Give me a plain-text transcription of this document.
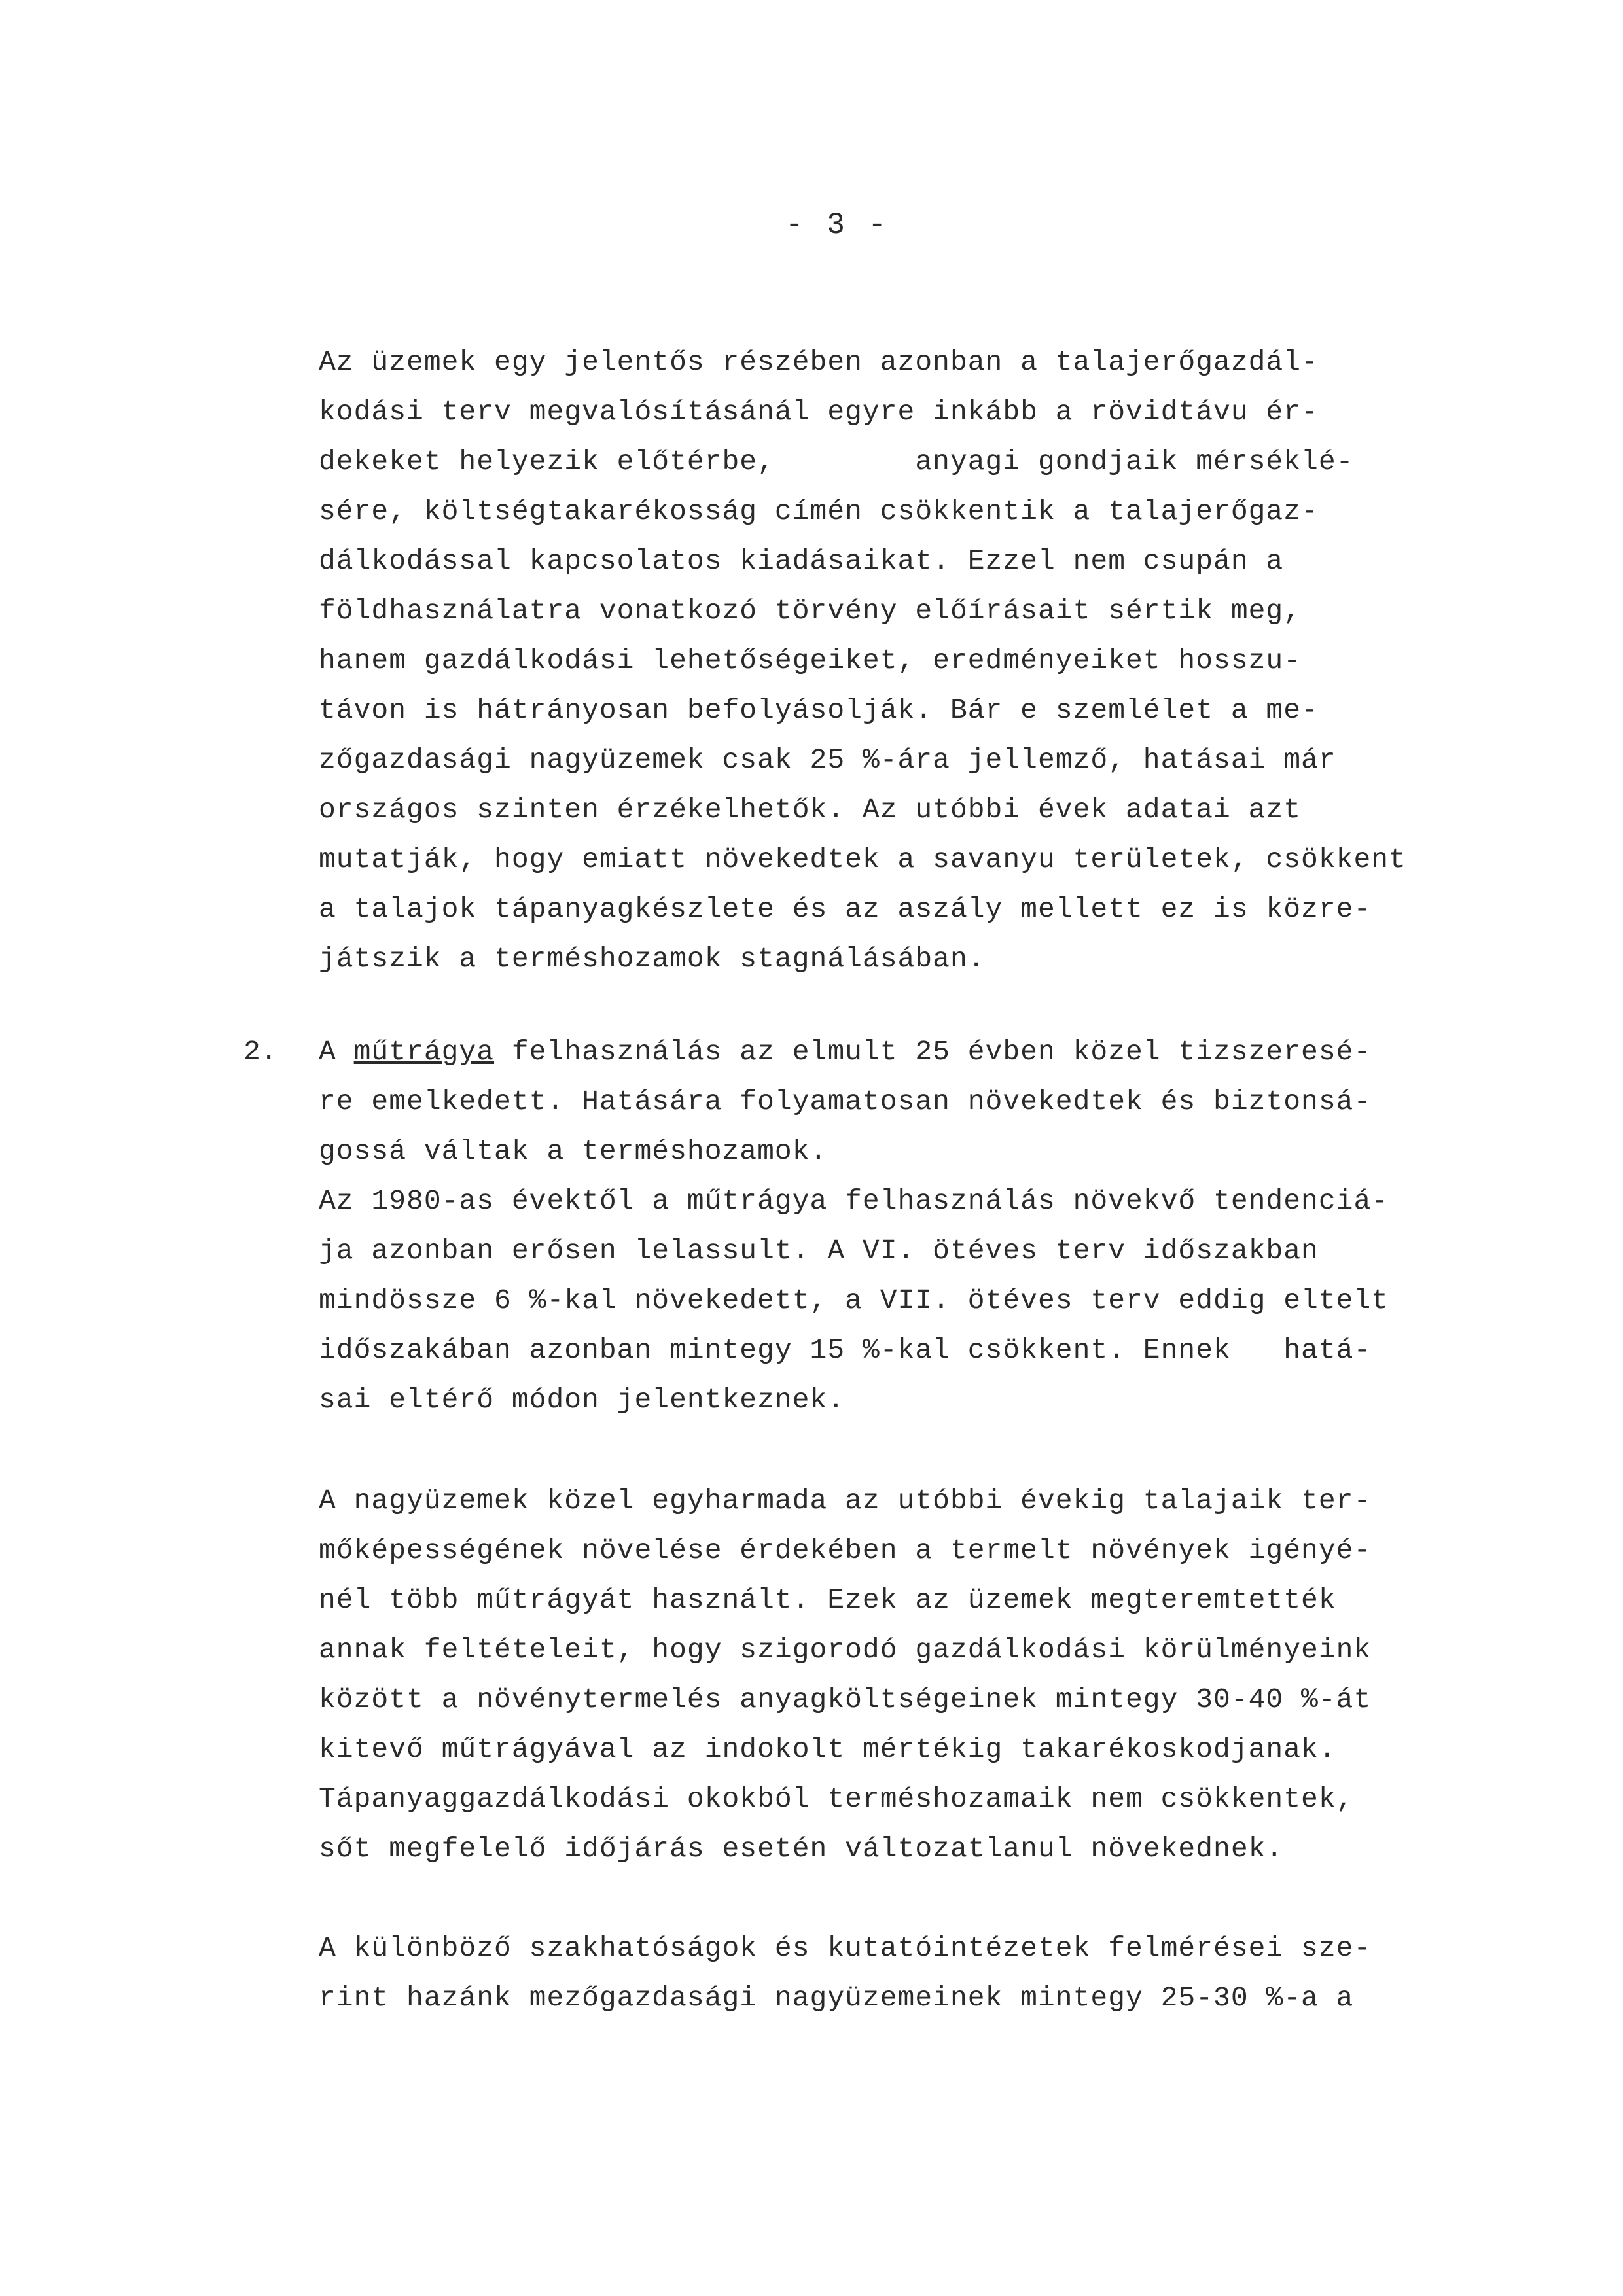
- 3 -
Az üzemek egy jelentős részében azonban a talajerőgazdál-
kodási terv megvalósításánál egyre inkább a rövidtávu ér-
dekeket helyezik előtérbe,        anyagi gondjaik mérséklé-
sére, költségtakarékosság címén csökkentik a talajerőgaz-
dálkodással kapcsolatos kiadásaikat. Ezzel nem csupán a
földhasználatra vonatkozó törvény előírásait sértik meg,
hanem gazdálkodási lehetőségeiket, eredményeiket hosszu-
távon is hátrányosan befolyásolják. Bár e szemlélet a me-
zőgazdasági nagyüzemek csak 25 %-ára jellemző, hatásai már
országos szinten érzékelhetők. Az utóbbi évek adatai azt
mutatják, hogy emiatt növekedtek a savanyu területek, csökkent
a talajok tápanyagkészlete és az aszály mellett ez is közre-
játszik a terméshozamok stagnálásában.
2. A műtrágya felhasználás az elmult 25 évben közel tizszeresé-
re emelkedett. Hatására folyamatosan növekedtek és biztonsá-
gossá váltak a terméshozamok.
Az 1980-as évektől a műtrágya felhasználás növekvő tendenciá-
ja azonban erősen lelassult. A VI. ötéves terv időszakban
mindössze 6 %-kal növekedett, a VII. ötéves terv eddig eltelt
időszakában azonban mintegy 15 %-kal csökkent. Ennek   hatá-
sai eltérő módon jelentkeznek.
A nagyüzemek közel egyharmada az utóbbi évekig talajaik ter-
mőképességének növelése érdekében a termelt növények igényé-
nél több műtrágyát használt. Ezek az üzemek megteremtették
annak feltételeit, hogy szigorodó gazdálkodási körülményeink
között a növénytermelés anyagköltségeinek mintegy 30-40 %-át
kitevő műtrágyával az indokolt mértékig takarékoskodjanak.
Tápanyaggazdálkodási okokból terméshozamaik nem csökkentek,
sőt megfelelő időjárás esetén változatlanul növekednek.
A különböző szakhatóságok és kutatóintézetek felmérései sze-
rint hazánk mezőgazdasági nagyüzemeinek mintegy 25-30 %-a a
